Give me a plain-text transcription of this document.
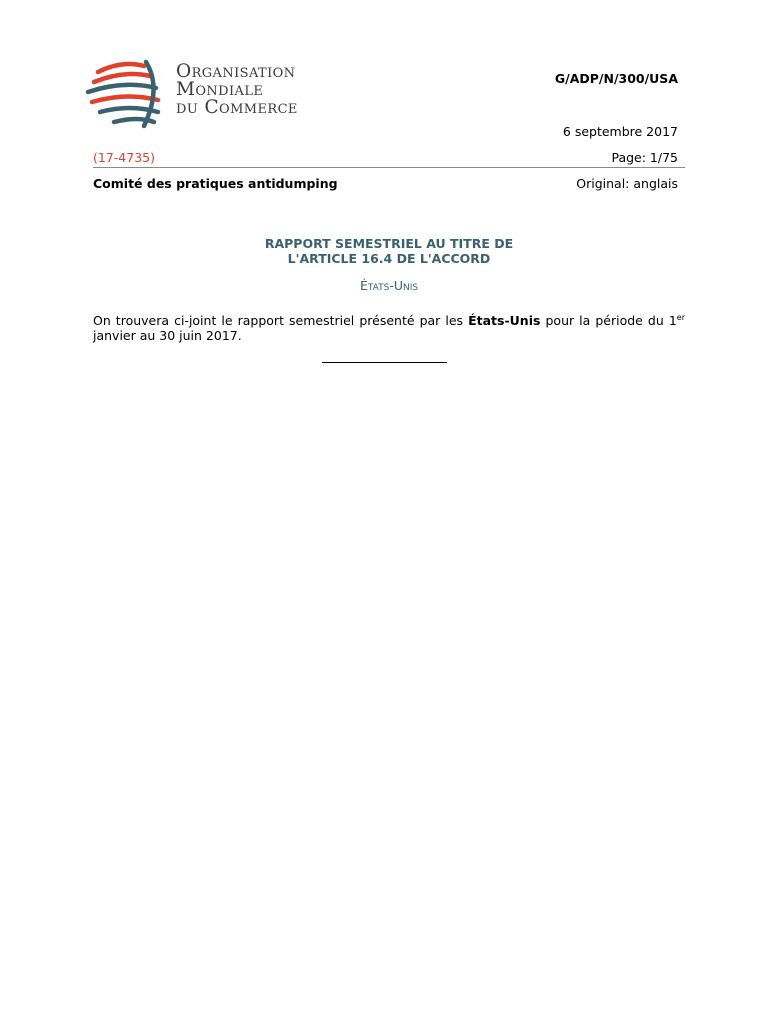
Organisation
Mondiale
du Commerce
G/ADP/N/300/USA
6 septembre 2017
(17-4735)	Page: 1/75
Comité des pratiques antidumping	Original: anglais
RAPPORT SEMESTRIEL AU TITRE DE
L'ARTICLE 16.4 DE L'ACCORD
États-Unis
On trouvera ci-joint le rapport semestriel présenté par les États-Unis pour la période du 1er janvier au 30 juin 2017.
